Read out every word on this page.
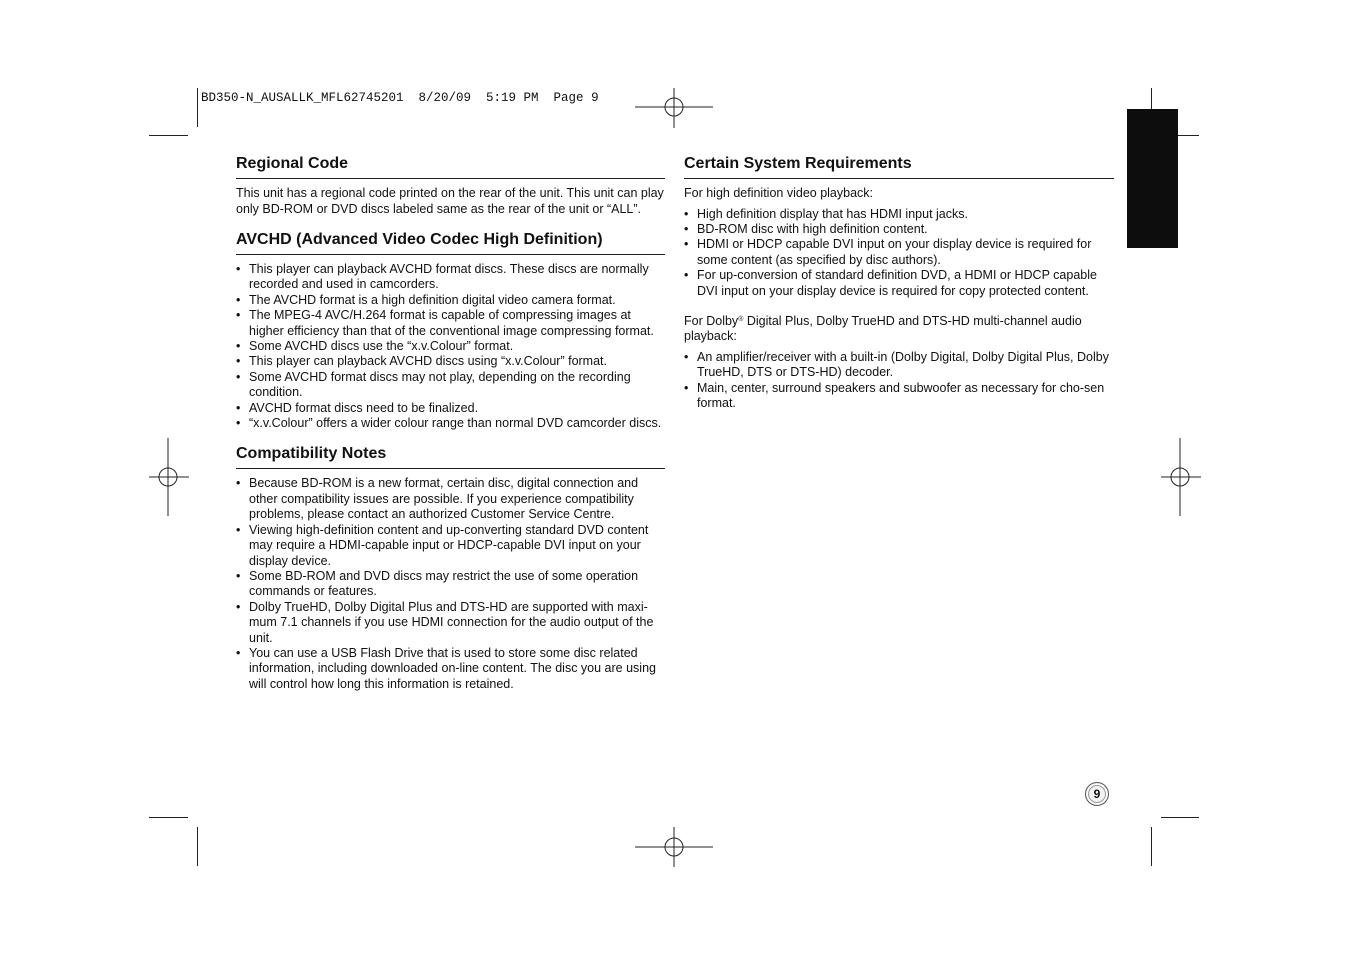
BD350-N_AUSALLK_MFL62745201  8/20/09  5:19 PM  Page 9
Regional Code

This unit has a regional code printed on the rear of the unit. This unit can play only BD-ROM or DVD discs labeled same as the rear of the unit or “ALL”.

AVCHD (Advanced Video Codec High Definition)
• This player can playback AVCHD format discs. These discs are normally recorded and used in camcorders.
• The AVCHD format is a high definition digital video camera format.
• The MPEG-4 AVC/H.264 format is capable of compressing images at higher efficiency than that of the conventional image compressing format.
• Some AVCHD discs use the “x.v.Colour” format.
• This player can playback AVCHD discs using “x.v.Colour” format.
• Some AVCHD format discs may not play, depending on the recording condition.
• AVCHD format discs need to be finalized.
• “x.v.Colour” offers a wider colour range than normal DVD camcorder discs.
Compatibility Notes
• Because BD-ROM is a new format, certain disc, digital connection and other compatibility issues are possible. If you experience compatibility problems, please contact an authorized Customer Service Centre.
• Viewing high-definition content and up-converting standard DVD content may require a HDMI-capable input or HDCP-capable DVI input on your display device.
• Some BD-ROM and DVD discs may restrict the use of some operation commands or features.
• Dolby TrueHD, Dolby Digital Plus and DTS-HD are supported with maxi-mum 7.1 channels if you use HDMI connection for the audio output of the unit.
• You can use a USB Flash Drive that is used to store some disc related information, including downloaded on-line content. The disc you are using will control how long this information is retained.
Certain System Requirements

For high definition video playback:

• High definition display that has HDMI input jacks.
• BD-ROM disc with high definition content.
• HDMI or HDCP capable DVI input on your display device is required for some content (as specified by disc authors).
• For up-conversion of standard definition DVD, a HDMI or HDCP capable DVI input on your display device is required for copy protected content.

For Dolby® Digital Plus, Dolby TrueHD and DTS-HD multi-channel audio playback:

• An amplifier/receiver with a built-in (Dolby Digital, Dolby Digital Plus, Dolby TrueHD, DTS or DTS-HD) decoder.
• Main, center, surround speakers and subwoofer as necessary for cho-sen format.
9
